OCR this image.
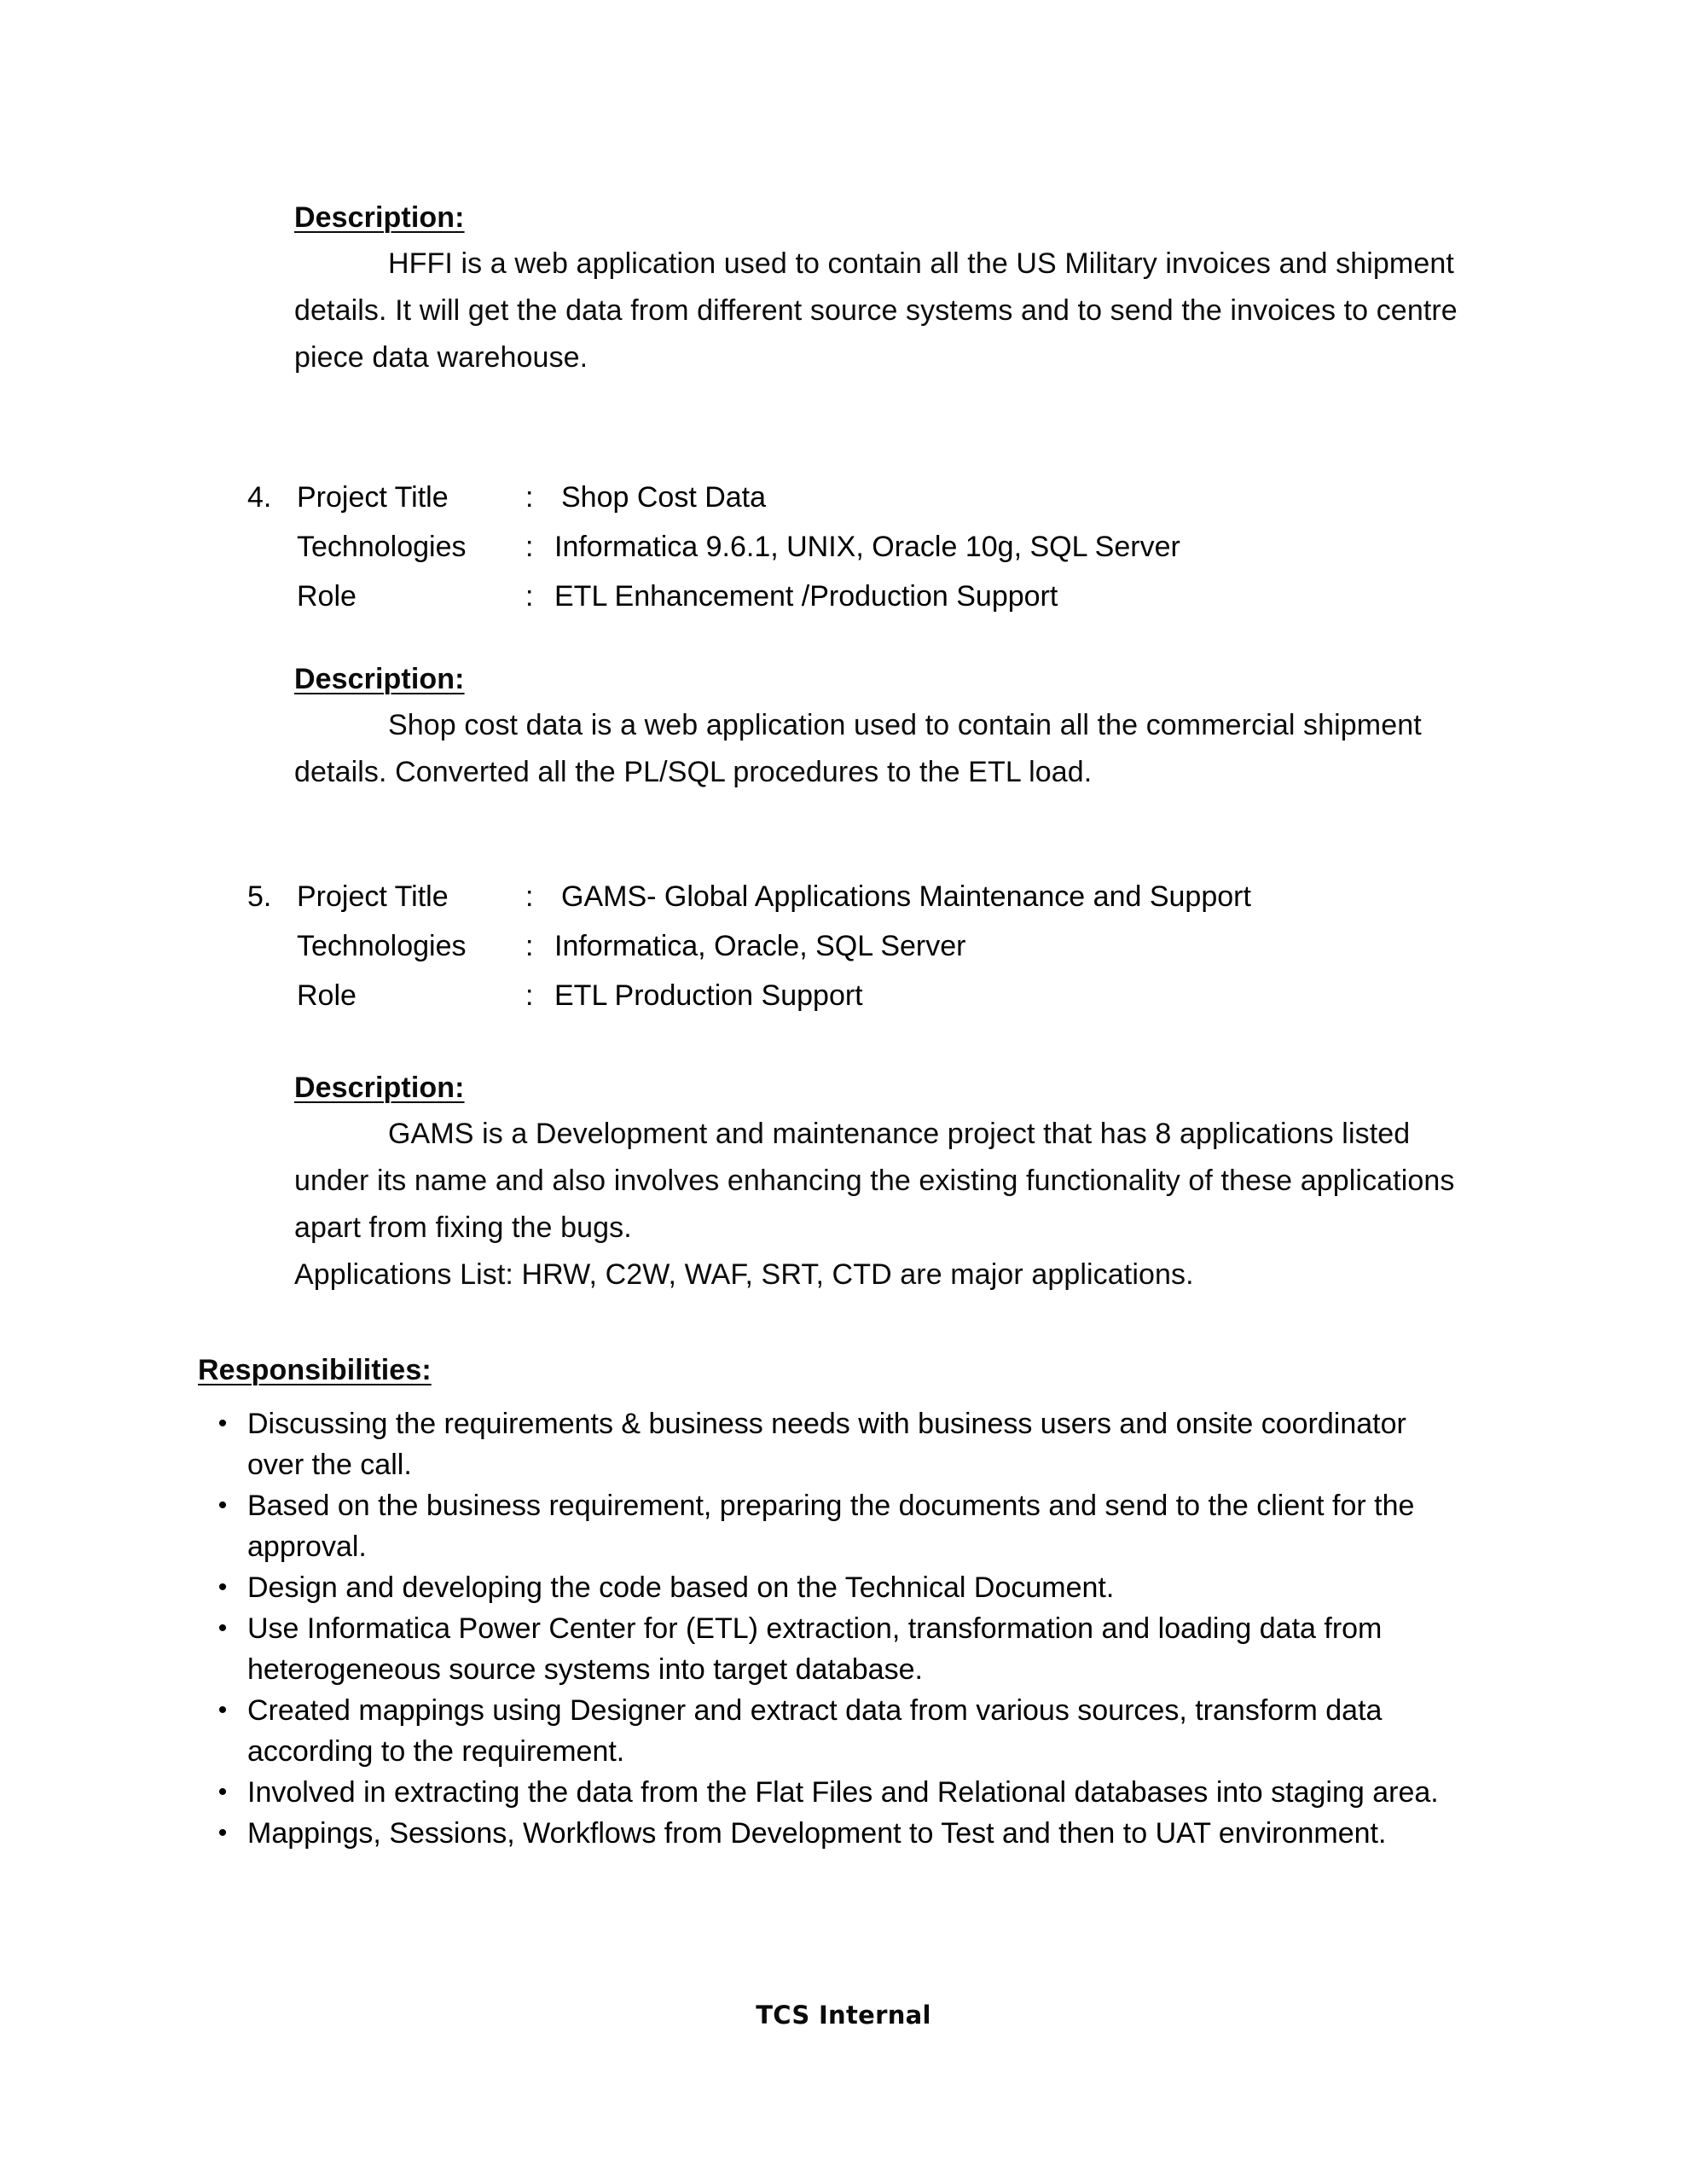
Description:
HFFI is a web application used to contain all the US Military invoices and shipment details. It will get the data from different source systems and to send the invoices to centre piece data warehouse.
4. Project Title	: Shop Cost Data
Technologies	: Informatica 9.6.1, UNIX, Oracle 10g, SQL Server
Role	: ETL Enhancement /Production Support
Description:
Shop cost data is a web application used to contain all the commercial shipment details. Converted all the PL/SQL procedures to the ETL load.
5. Project Title	: GAMS- Global Applications Maintenance and Support
Technologies	: Informatica, Oracle, SQL Server
Role	: ETL Production Support
Description:
GAMS is a Development and maintenance project that has 8 applications listed under its name and also involves enhancing the existing functionality of these applications apart from fixing the bugs.
Applications List: HRW, C2W, WAF, SRT, CTD are major applications.
Responsibilities:
• Discussing the requirements & business needs with business users and onsite coordinator over the call.
• Based on the business requirement, preparing the documents and send to the client for the approval.
• Design and developing the code based on the Technical Document.
• Use Informatica Power Center for (ETL) extraction, transformation and loading data from heterogeneous source systems into target database.
• Created mappings using Designer and extract data from various sources, transform data according to the requirement.
• Involved in extracting the data from the Flat Files and Relational databases into staging area.
• Mappings, Sessions, Workflows from Development to Test and then to UAT environment.
TCS Internal
